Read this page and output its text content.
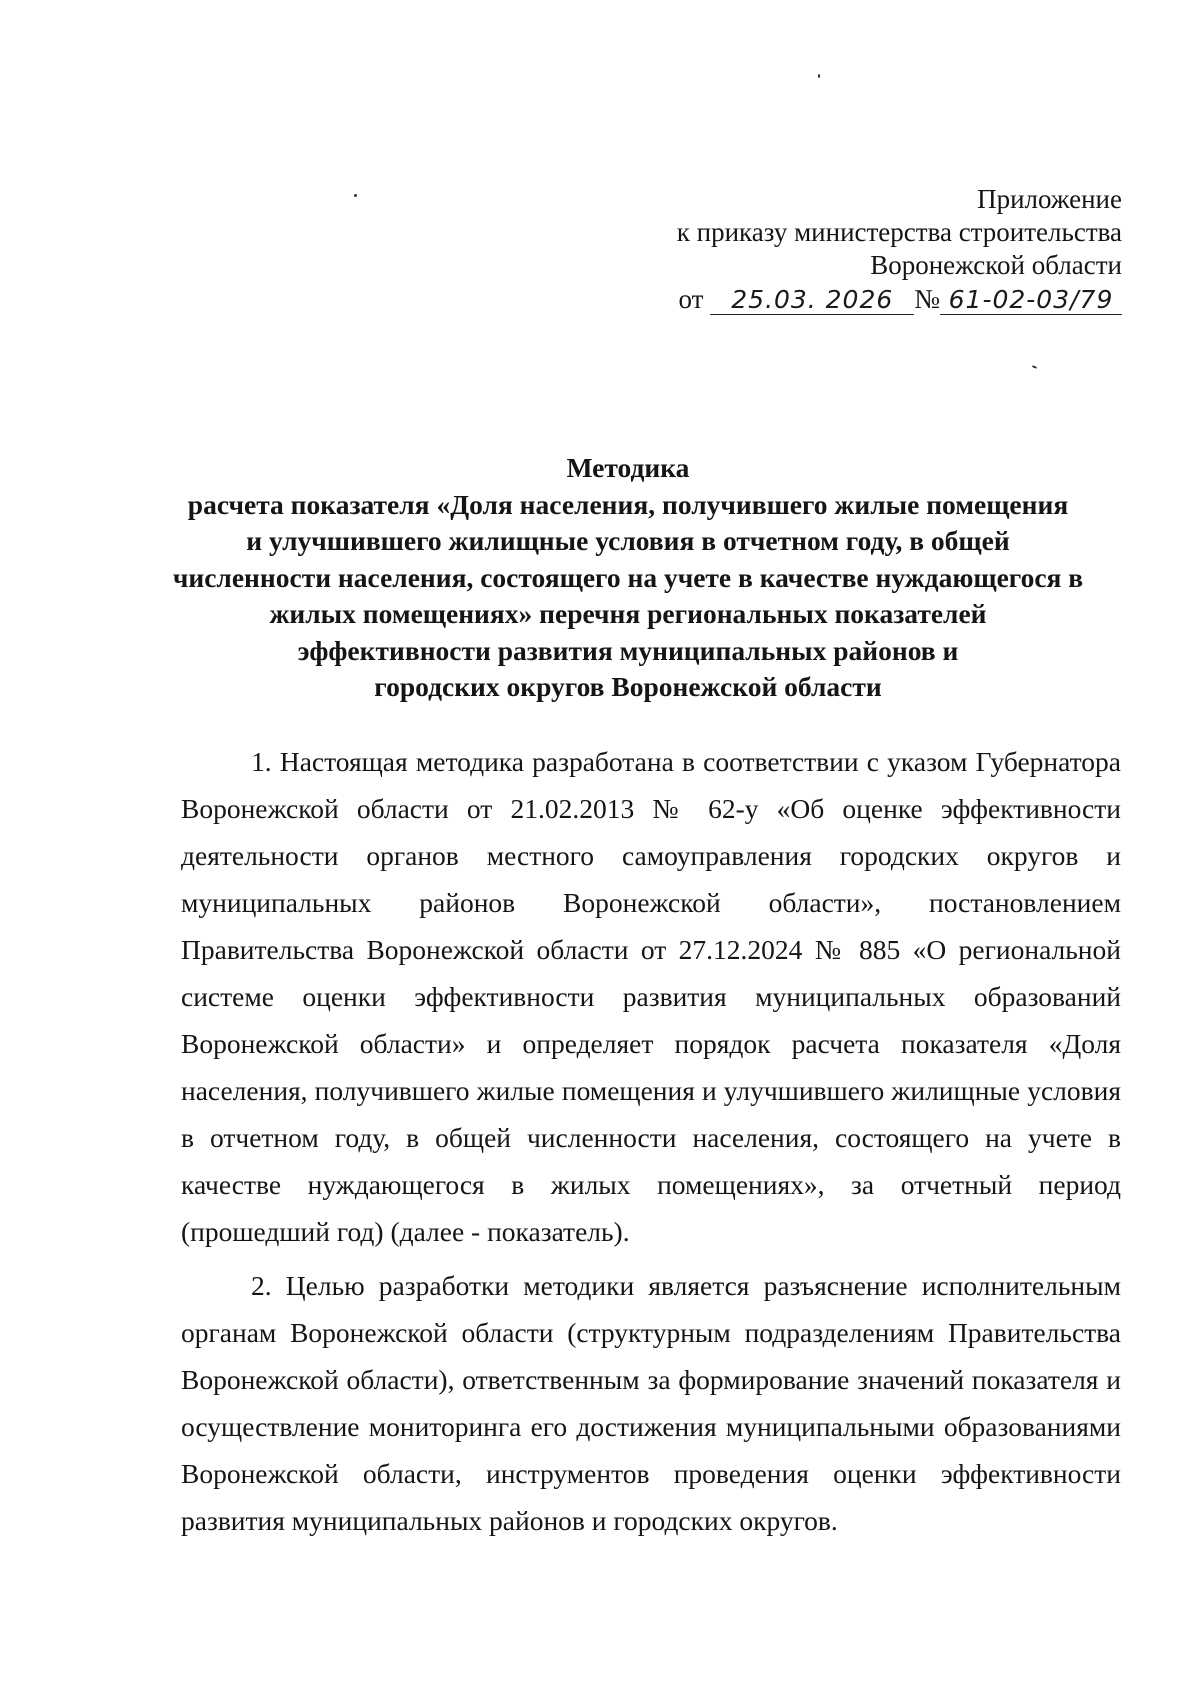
Приложение
к приказу министерства строительства
Воронежской области
от 25.03. 2026 № 61-02-03/79
Методика
расчета показателя «Доля населения, получившего жилые помещения
и улучшившего жилищные условия в отчетном году, в общей
численности населения, состоящего на учете в качестве нуждающегося в
жилых помещениях» перечня региональных показателей
эффективности развития муниципальных районов и
городских округов Воронежской области

1. Настоящая методика разработана в соответствии с указом Губернатора Воронежской области от 21.02.2013 № 62-у «Об оценке эффективности деятельности органов местного самоуправления городских округов и муниципальных районов Воронежской области», постановлением Правительства Воронежской области от 27.12.2024 № 885 «О региональной системе оценки эффективности развития муниципальных образований Воронежской области» и определяет порядок расчета показателя «Доля населения, получившего жилые помещения и улучшившего жилищные условия в отчетном году, в общей численности населения, состоящего на учете в качестве нуждающегося в жилых помещениях», за отчетный период (прошедший год) (далее - показатель).

2. Целью разработки методики является разъяснение исполнительным органам Воронежской области (структурным подразделениям Правительства Воронежской области), ответственным за формирование значений показателя и осуществление мониторинга его достижения муниципальными образованиями Воронежской области, инструментов проведения оценки эффективности развития муниципальных районов и городских округов.
